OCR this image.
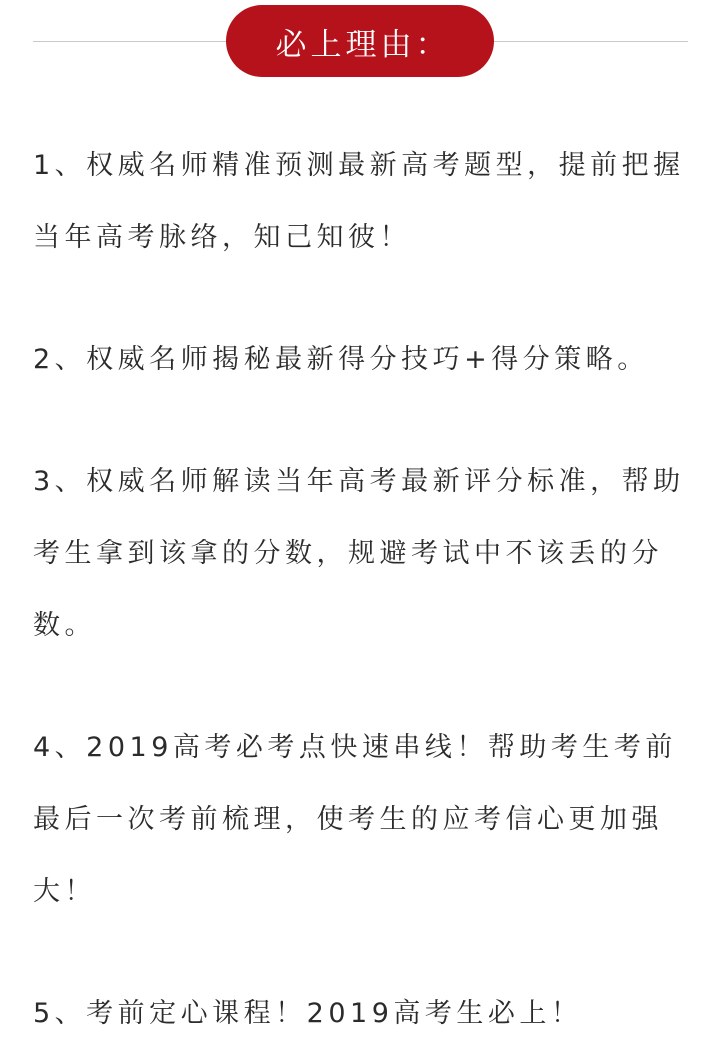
必上理由：

1、权威名师精准预测最新高考题型，提前把握当年高考脉络，知己知彼！

2、权威名师揭秘最新得分技巧+得分策略。

3、权威名师解读当年高考最新评分标准，帮助考生拿到该拿的分数，规避考试中不该丢的分数。

4、2019高考必考点快速串线！帮助考生考前最后一次考前梳理，使考生的应考信心更加强大！

5、考前定心课程！2019高考生必上！
